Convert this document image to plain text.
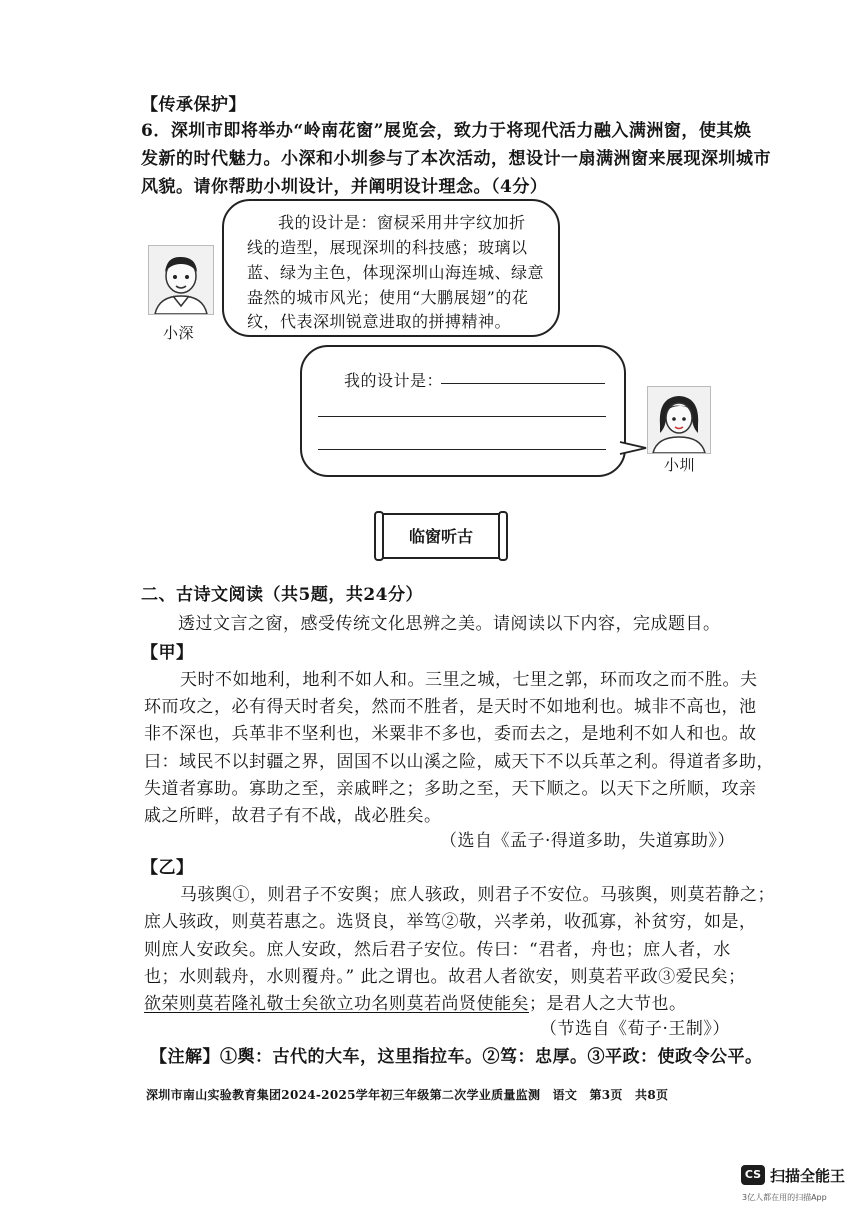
【传承保护】
6．深圳市即将举办“岭南花窗”展览会，致力于将现代活力融入满洲窗，使其焕
发新的时代魅力。小深和小圳参与了本次活动，想设计一扇满洲窗来展现深圳城市
风貌。请你帮助小圳设计，并阐明设计理念。（4分）
小深
我的设计是：窗棂采用井字纹加折
线的造型，展现深圳的科技感；玻璃以
蓝、绿为主色，体现深圳山海连城、绿意
盎然的城市风光；使用“大鹏展翅”的花
纹，代表深圳锐意进取的拼搏精神。
我的设计是：
小圳
临窗听古
二、古诗文阅读（共5题，共24分）
透过文言之窗，感受传统文化思辨之美。请阅读以下内容，完成题目。
【甲】
天时不如地利，地利不如人和。三里之城，七里之郭，环而攻之而不胜。夫
环而攻之，必有得天时者矣，然而不胜者，是天时不如地利也。城非不高也，池
非不深也，兵革非不坚利也，米粟非不多也，委而去之，是地利不如人和也。故
曰：域民不以封疆之界，固国不以山溪之险，威天下不以兵革之利。得道者多助，
失道者寡助。寡助之至，亲戚畔之；多助之至，天下顺之。以天下之所顺，攻亲
戚之所畔，故君子有不战，战必胜矣。
（选自《孟子·得道多助，失道寡助》）
【乙】
马骇舆①，则君子不安舆；庶人骇政，则君子不安位。马骇舆，则莫若静之；
庶人骇政，则莫若惠之。选贤良，举笃②敬，兴孝弟，收孤寡，补贫穷，如是，
则庶人安政矣。庶人安政，然后君子安位。传曰：“君者，舟也；庶人者，水
也；水则载舟，水则覆舟。” 此之谓也。故君人者欲安，则莫若平政③爱民矣；
欲荣则莫若隆礼敬士矣欲立功名则莫若尚贤使能矣；是君人之大节也。
（节选自《荀子·王制》）
【注解】①舆：古代的大车，这里指拉车。②笃：忠厚。③平政：使政令公平。
深圳市南山实验教育集团2024-2025学年初三年级第二次学业质量监测　语文　第3页　共8页
CS 扫描全能王
3亿人都在用的扫描App
